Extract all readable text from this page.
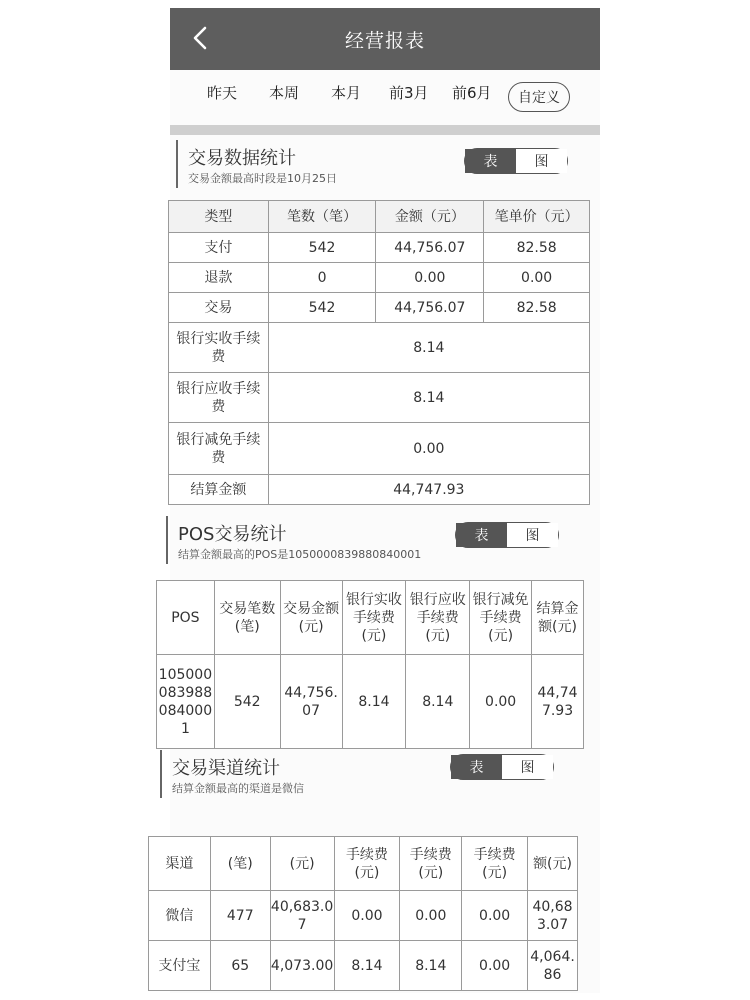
经营报表
昨天 本周 本月 前3月 前6月	自定义
交易数据统计
交易金额最高时段是10月25日
表	图
类型	笔数（笔）	金额（元）	笔单价（元）
支付	542	44,756.07	82.58
退款	0	0.00	0.00
交易	542	44,756.07	82.58
银行实收手续费	8.14		
银行应收手续费	8.14		
银行减免手续费	0.00		
结算金额	44,747.93		
POS交易统计
结算金额最高的POS是1050000839880840001
表	图
POS	交易笔数(笔)	交易金额(元)	银行实收手续费(元)	银行应收手续费(元)	银行减免手续费(元)	结算金额(元)
1050000839880840001	542	44,756.07	8.14	8.14	0.00	44,747.93
交易渠道统计
结算金额最高的渠道是微信
表	图
渠道	(笔)	(元)	手续费(元)	手续费(元)	手续费(元)	额(元)
微信	477	40,683.07	0.00	0.00	0.00	40,683.07
支付宝	65	4,073.00	8.14	8.14	0.00	4,064.86
